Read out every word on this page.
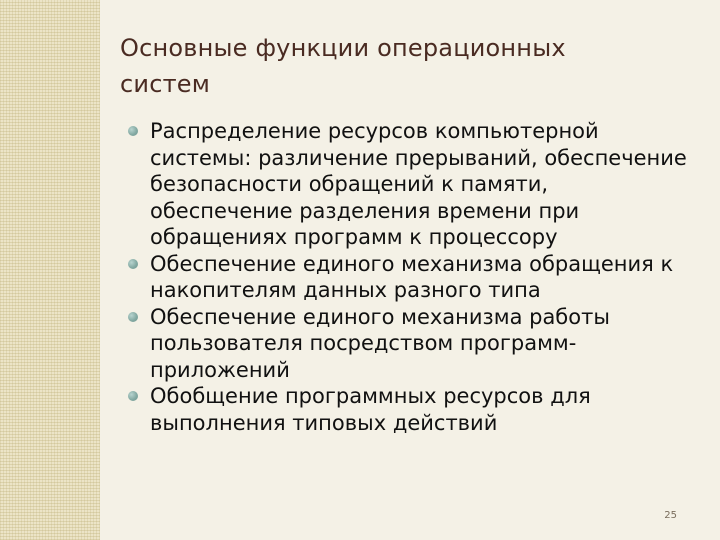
Основные функции операционных систем
Распределение ресурсов компьютерной системы: различение прерываний, обеспечение безопасности обращений к памяти, обеспечение разделения времени при обращениях программ к процессору
Обеспечение единого механизма обращения к накопителям данных разного типа
Обеспечение единого механизма работы пользователя посредством программ-приложений
Обобщение программных ресурсов для выполнения типовых действий
25
